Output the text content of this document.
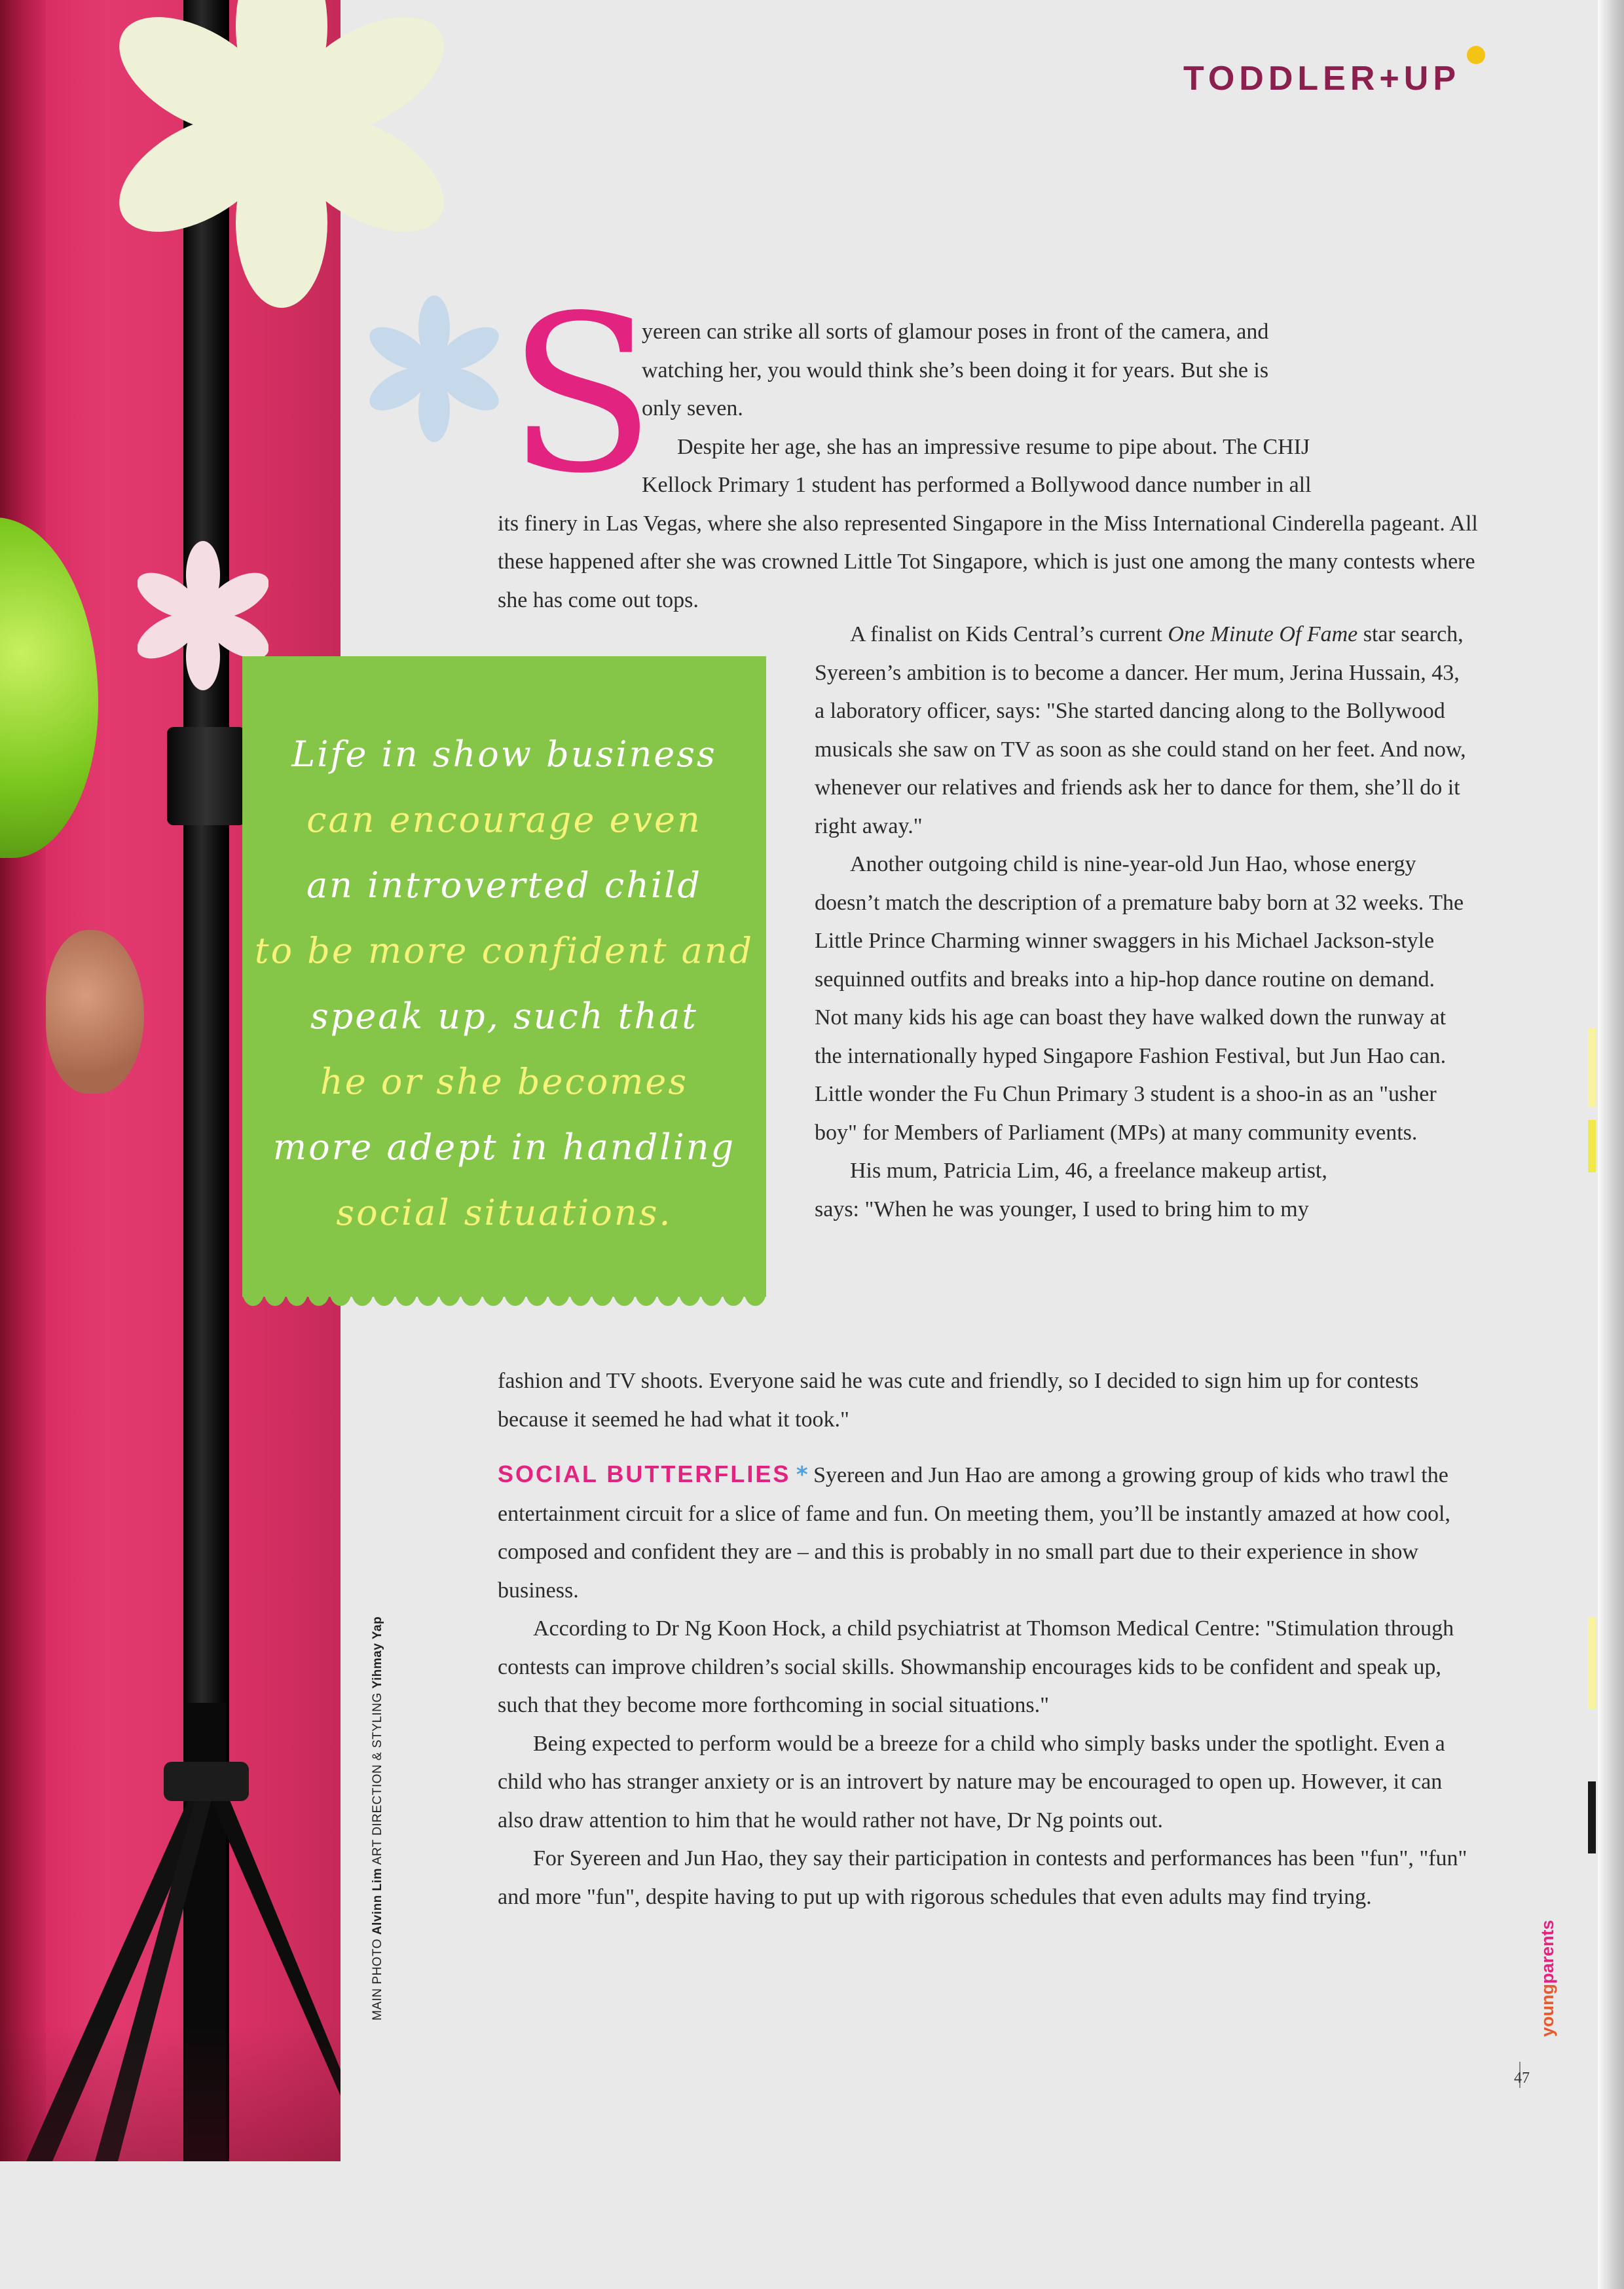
MAIN PHOTO Alvinn Lim ART DIRECTION & STYLING Yihmay Yap
TODDLER+UP
S
yereen can strike all sorts of glamour poses in front of the camera, and
watching her, you would think she’s been doing it for years. But she is
only seven.
Despite her age, she has an impressive resume to pipe about. The CHIJ
Kellock Primary 1 student has performed a Bollywood dance number in all

its finery in Las Vegas, where she also represented Singapore in the Miss International Cinderella pageant. All these happened after she was crowned Little Tot Singapore, which is just one among the many contests where she has come out tops.

Life in show business
can encourage even
an introverted child
to be more confident and
speak up, such that
he or she becomes
more adept in handling
social situations.

A finalist on Kids Central’s current One Minute Of Fame star search, Syereen’s ambition is to become a dancer. Her mum, Jerina Hussain, 43, a laboratory officer, says: "She started dancing along to the Bollywood musicals she saw on TV as soon as she could stand on her feet. And now, whenever our relatives and friends ask her to dance for them, she’ll do it right away."

Another outgoing child is nine-year-old Jun Hao, whose energy doesn’t match the description of a premature baby born at 32 weeks. The Little Prince Charming winner swaggers in his Michael Jackson-style sequinned outfits and breaks into a hip-hop dance routine on demand. Not many kids his age can boast they have walked down the runway at the internationally hyped Singapore Fashion Festival, but Jun Hao can. Little wonder the Fu Chun Primary 3 student is a shoo-in as an "usher boy" for Members of Parliament (MPs) at many community events.

His mum, Patricia Lim, 46, a freelance makeup artist,

says: "When he was younger, I used to bring him to my

fashion and TV shoots. Everyone said he was cute and friendly, so I decided to sign him up for contests because it seemed he had what it took."

SOCIAL BUTTERFLIES * Syereen and Jun Hao are among a growing group of kids who trawl the entertainment circuit for a slice of fame and fun. On meeting them, you’ll be instantly amazed at how cool, composed and confident they are – and this is probably in no small part due to their experience in show business.

According to Dr Ng Koon Hock, a child psychiatrist at Thomson Medical Centre: "Stimulation through contests can improve children’s social skills. Showmanship encourages kids to be confident and speak up, such that they become more forthcoming in social situations."

Being expected to perform would be a breeze for a child who simply basks under the spotlight. Even a child who has stranger anxiety or is an introvert by nature may be encouraged to open up. However, it can also draw attention to him that he would rather not have, Dr Ng points out.

For Syereen and Jun Hao, they say their participation in contests and performances has been "fun", "fun" and more "fun", despite having to put up with rigorous schedules that even adults may find trying.

youngparents
47
